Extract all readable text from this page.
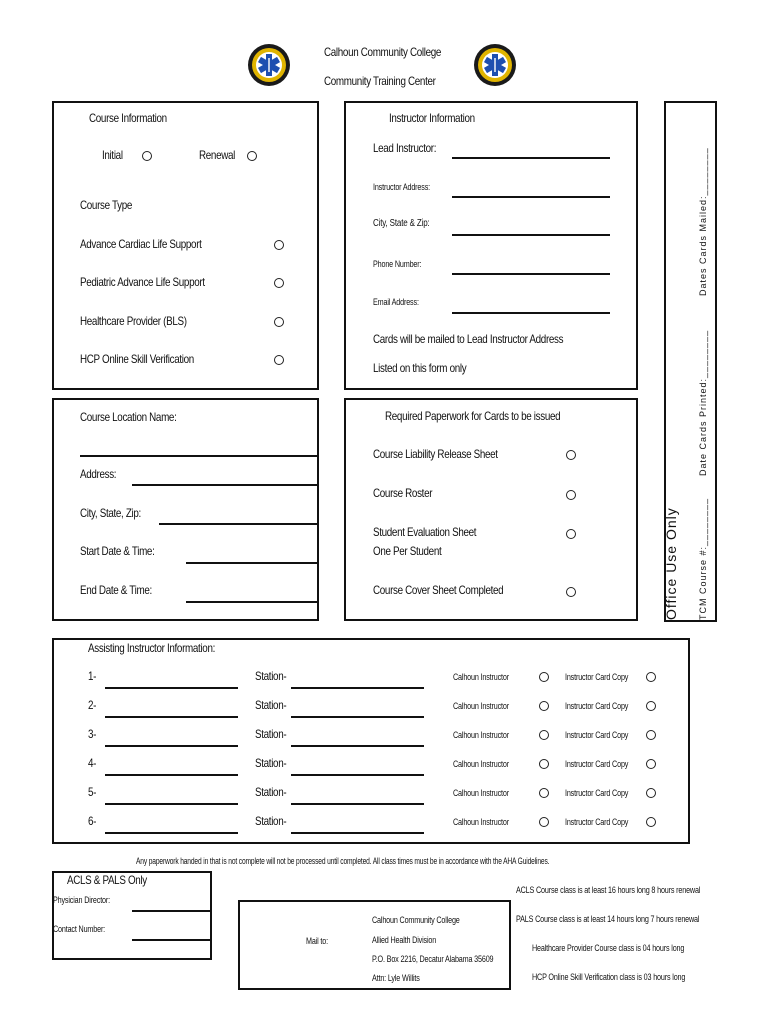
Calhoun Community College
Community Training Center
Course Information
Initial	Renewal
Course Type
Advance Cardiac Life Support
Pediatric Advance Life Support
Healthcare Provider (BLS)
HCP Online Skill Verification
Instructor Information
Lead Instructor:
Instructor Address:
City, State & Zip:
Phone Number:
Email Address:
Cards will be mailed to Lead Instructor Address
Listed on this form only
Office Use Only TCM Course #:________
Date Cards Printed:________
Dates Cards Mailed:________
Course Location Name:
Address:
City, State, Zip:
Start Date & Time:
End Date & Time:
Required Paperwork for Cards to be issued
Course Liability Release Sheet
Course Roster
Student Evaluation Sheet
One Per Student
Course Cover Sheet Completed
Assisting Instructor Information:
1-	Station-	Calhoun Instructor	Instructor Card Copy
2-	Station-	Calhoun Instructor	Instructor Card Copy
3-	Station-	Calhoun Instructor	Instructor Card Copy
4-	Station-	Calhoun Instructor	Instructor Card Copy
5-	Station-	Calhoun Instructor	Instructor Card Copy
6-	Station-	Calhoun Instructor	Instructor Card Copy
Any paperwork handed in that is not complete will not be processed until completed. All class times must be in accordance with the AHA Guidelines.
ACLS & PALS Only
Physician Director:
Contact Number:
Mail to:
Calhoun Community College
Allied Health Division
P.O. Box 2216, Decatur Alabama 35609
Attn: Lyle Willits
ACLS Course class is at least 16 hours long 8 hours renewal
PALS Course class is at least 14 hours long 7 hours renewal
Healthcare Provider Course class is 04 hours long
HCP Online Skill Verification class is 03 hours long
